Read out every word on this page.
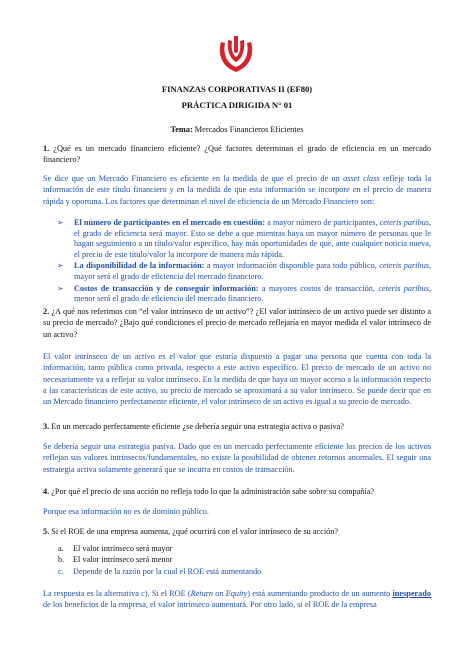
FINANZAS CORPORATIVAS II (EF80)
PRÁCTICA DIRIGIDA N° 01
Tema: Mercados Financieros Eficientes
1. ¿Qué es un mercado financiero eficiente? ¿Qué factores determinan el grado de eficiencia en un mercado financiero?
Se dice que un Mercado Financiero es eficiente en la medida de que el precio de un asset class refleje toda la información de este título financiero y en la medida de que esta información se incorpore en el precio de manera rápida y oportuna. Los factores que determinan el nivel de eficiencia de un Mercado Financiero son:
➢ El número de participantes en el mercado en cuestión: a mayor número de participantes, ceteris paribus, el grado de eficiencia será mayor. Esto se debe a que mientras haya un mayor número de personas que le hagan seguimiento a un título/valor específico, hay más oportunidades de que, ante cualquier noticia nueva, el precio de este título/valor la incorpore de manera más rápida.
➢ La disponibilidad de la información: a mayor información disponible para todo público, ceteris paribus, mayor será el grado de eficiencia del mercado financiero.
➢ Costos de transacción y de conseguir información: a mayores costos de transacción, ceteris paribus, menor será el grado de eficiencia del mercado financiero.
2. ¿A qué nos referimos con “el valor intrínseco de un activo”? ¿El valor intrínseco de un activo puede ser distinto a su precio de mercado? ¿Bajo qué condiciones el precio de mercado reflejaría en mayor medida el valor intrínseco de un activo?
El valor intrínseco de un activo es el valor que estaría dispuesto a pagar una persona que cuenta con toda la información, tanto pública como privada, respecto a este activo específico. El precio de mercado de un activo no necesariamente va a reflejar su valor intrínseco. En la medida de que haya un mayor acceso a la información respecto a las características de este activo, su precio de mercado se aproximará a su valor intrínseco. Se puede decir que en un Mercado financiero perfectamente eficiente, el valor intrínseco de un activo es igual a su precio de mercado.
3. En un mercado perfectamente eficiente ¿se debería seguir una estrategia activa o pasiva?
Se debería seguir una estrategia pasiva. Dado que en un mercado perfectamente eficiente los precios de los activos reflejan sus valores intrínsecos/fundamentales, no existe la posibilidad de obtener retornos anormales. El seguir una estrategia activa solamente generará que se incurra en costos de transacción.
4. ¿Por qué el precio de una acción no refleja todo lo que la administración sabe sobre su compañía?
Porque esa información no es de dominio público.
5. Si el ROE de una empresa aumenta, ¿qué ocurrirá con el valor intrínseco de su acción?
a. El valor intrínseco será mayor
b. El valor intrínseco será menor
c. Depende de la razón por la cual el ROE está aumentando
La respuesta es la alternativa c). Si el ROE (Return on Equity) está aumentando producto de un aumento inesperado de los beneficios de la empresa, el valor intrínseco aumentará. Por otro lado, si el ROE de la empresa
